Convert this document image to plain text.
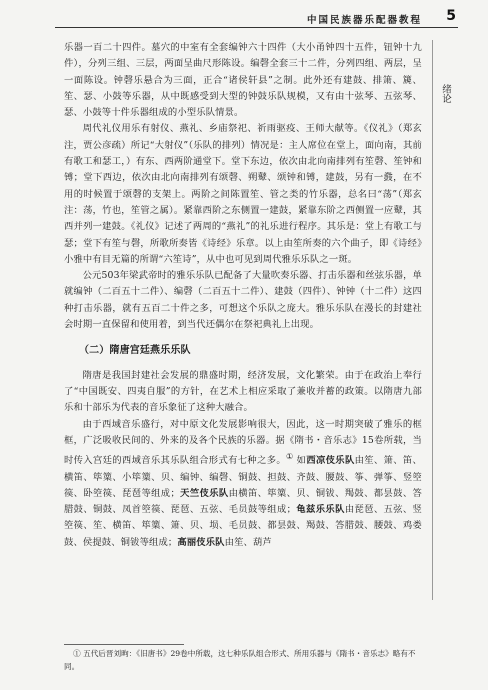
中国民族器乐配器教程 5
绪论

乐器一百二十四件。墓穴的中室有全套编钟六十四件（大小甬钟四十五件，钮钟十九件），分列三组、三层，两面呈曲尺形陈设。编磬全套三十二件，分列四组、两层，呈一面陈设。钟磬乐悬合为三面，正合“诸侯轩县”之制。此外还有建鼓、排箫、篪、笙、瑟、小鼓等乐器，从中既感受到大型的钟鼓乐队规模，又有由十弦琴、五弦琴、瑟、小鼓等十件乐器组成的小型乐队情景。

周代礼仪用乐有射仪、燕礼、乡庙祭祀、祈雨驱疫、王师大献等。《仪礼》（郑玄注，贾公彦疏）所记“大射仪”（乐队的排列）情况是：主人席位在堂上，面向南，其前有歌工和瑟工，）有东、西两阶通堂下。堂下东边，依次由北向南排列有笙磬、笙钟和镈；堂下西边，依次由北向南排列有颂磬、朔鼙、颂钟和镈，建鼓，另有一鼗，在不用的时候置于颂磬的支架上。两阶之间陈置笙、管之类的竹乐器，总名曰“荡”（郑玄注：荡，竹也，笙管之属）。紧靠西阶之东侧置一建鼓，紧靠东阶之西侧置一应鼙，其西并列一建鼓。《礼仪》记述了两周的“燕礼”的礼乐进行程序。其乐是：堂上有歌工与瑟；堂下有笙与磬，所歌所奏皆《诗经》乐章。以上由笙所奏的六个曲子，即《诗经》小雅中有目无篇的所谓“六笙诗”，从中也可见到周代雅乐乐队之一斑。

公元503年梁武帝时的雅乐乐队已配备了大量吹奏乐器、打击乐器和丝弦乐器，单就编钟（二百五十二件）、编磬（二百五十二件）、建鼓（四件）、钟钟（十二件）这四种打击乐器，就有五百二十件之多，可想这个乐队之庞大。雅乐乐队在漫长的封建社会时期一直保留和使用着，到当代还偶尔在祭祀典礼上出现。

（二）隋唐宫廷燕乐乐队

隋唐是我国封建社会发展的鼎盛时期，经济发展，文化繁荣。由于在政治上奉行了“中国既安、四夷自服”的方针，在艺术上相应采取了兼收并蓄的政策。以隋唐九部乐和十部乐为代表的音乐象征了这种大融合。

由于西域音乐盛行，对中原文化发展影响很大，因此，这一时期突破了雅乐的框框，广泛吸收民间的、外来的及各个民族的乐器。据《隋书・音乐志》15卷所载，当时传入宫廷的西域音乐其乐队组合形式有七种之多。① 如西凉伎乐队由笙、箫、笛、横笛、筚篥、小筚篥、贝、编钟、编磬、铜鼓、担鼓、齐鼓、腰鼓、筝、弹筝、竖箜篌、卧箜篌、琵琶等组成；天竺伎乐队由横笛、筚篥、贝、铜钹、羯鼓、都昙鼓、答腊鼓、铜鼓、凤首箜篌、琵琶、五弦、毛员鼓等组成；龟兹乐乐队由琵琶、五弦、竖箜篌、笙、横笛、筚篥、箫、贝、埙、毛员鼓、都昙鼓、羯鼓、答腊鼓、腰鼓、鸡娄鼓、侯提鼓、铜钹等组成；高丽伎乐队由笙、葫芦

① 五代后晋刘昫：《旧唐书》29卷中所载，这七种乐队组合形式、所用乐器与《隋书・音乐志》略有不同。
